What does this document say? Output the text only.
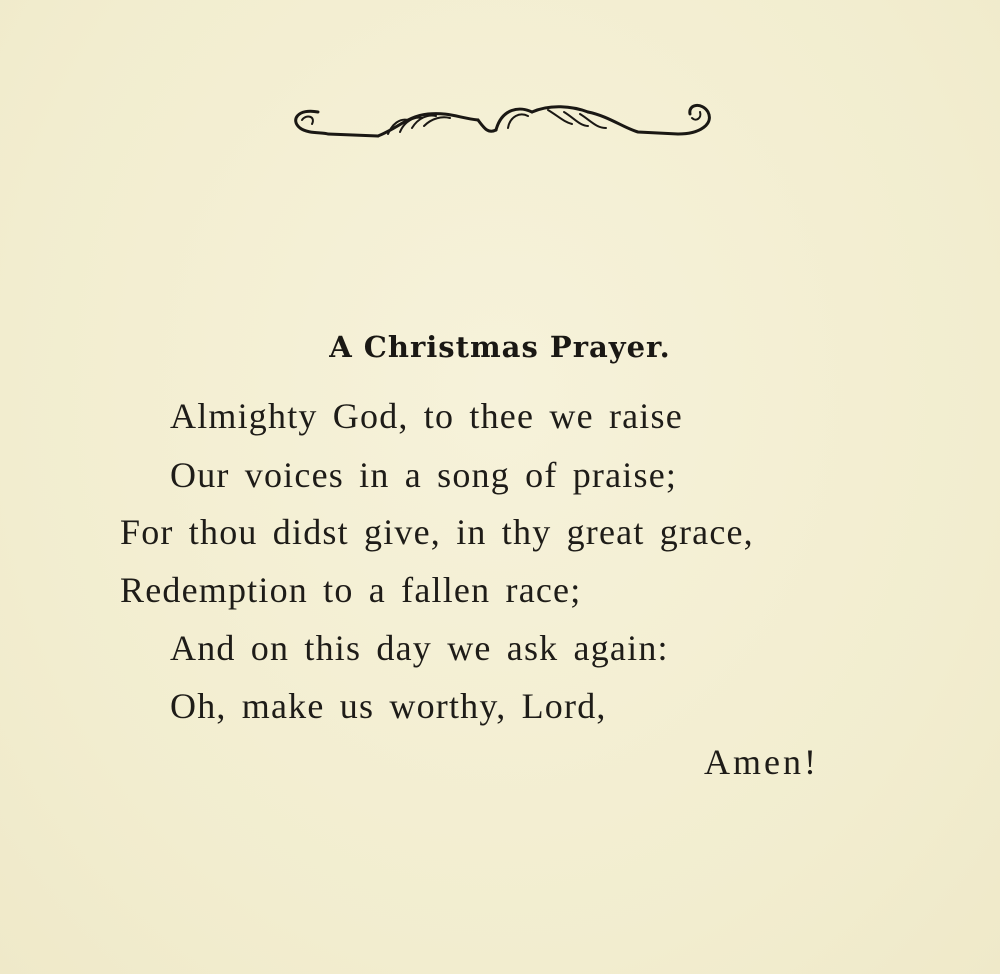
A Christmas Prayer.
Almighty God, to thee we raise
Our voices in a song of praise;
For thou didst give, in thy great grace,
Redemption to a fallen race;
And on this day we ask again:
Oh, make us worthy, Lord,
Amen!
